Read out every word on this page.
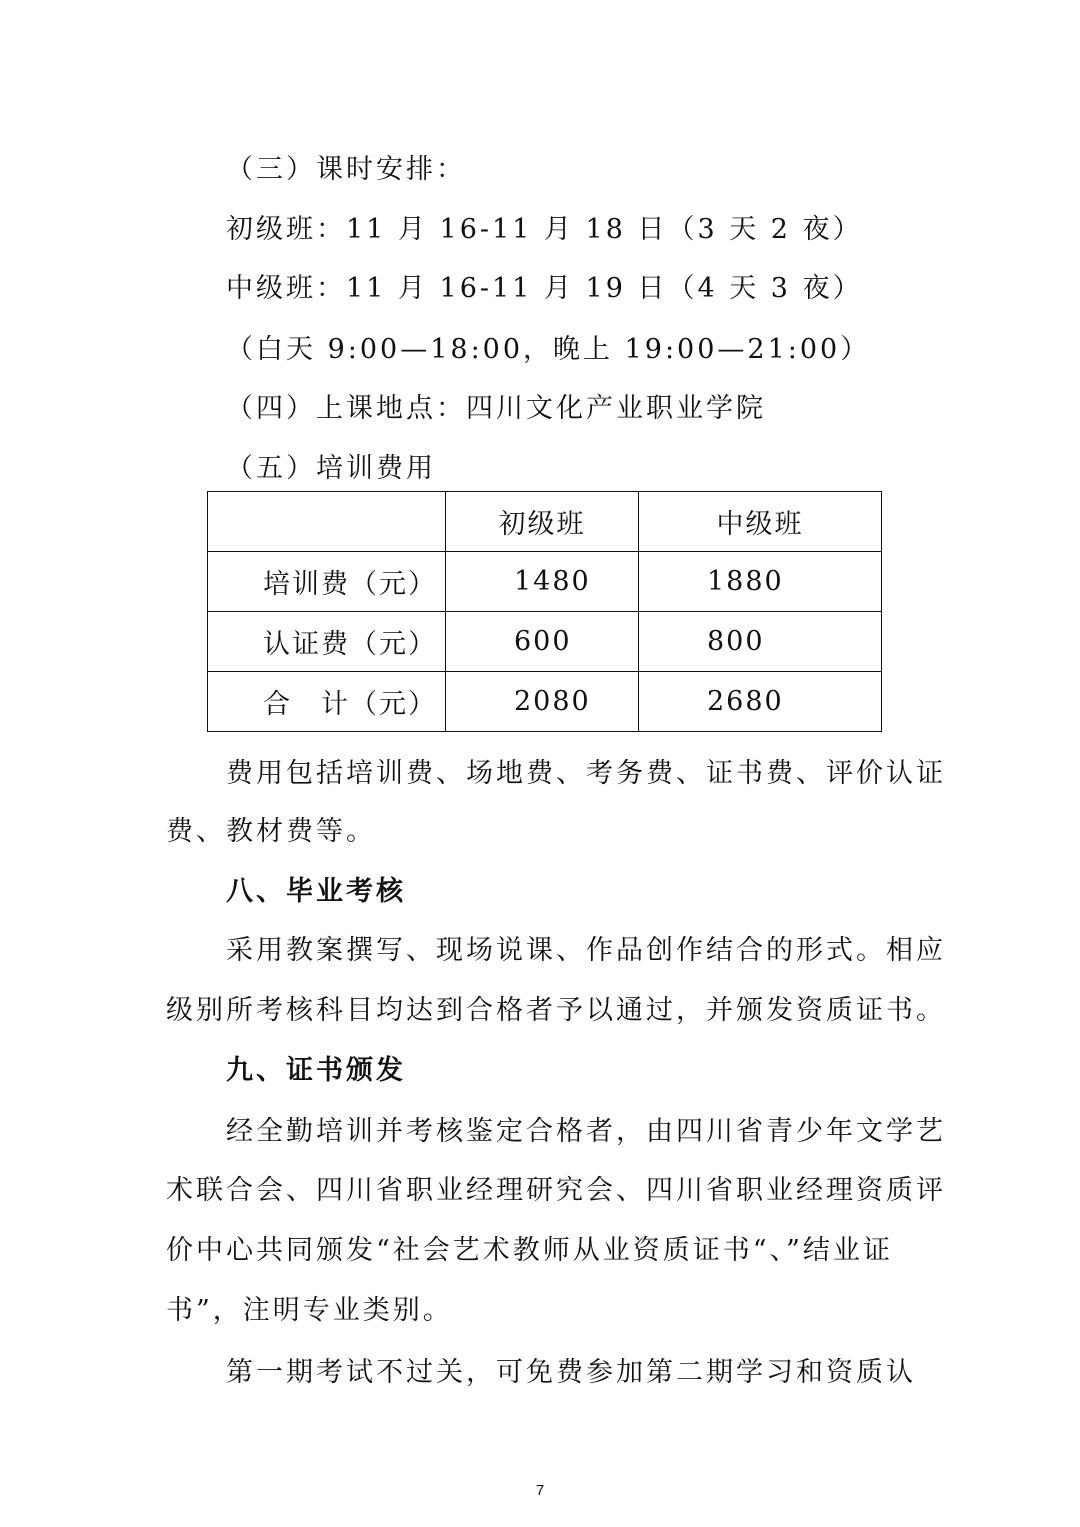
（三）课时安排：
初级班：11 月 16-11 月 18 日（3 天 2 夜）
中级班：11 月 16-11 月 19 日（4 天 3 夜）
（白天 9:00—18:00，晚上 19:00—21:00）
（四）上课地点：四川文化产业职业学院
（五）培训费用
	初级班	中级班
培训费（元）	1480	1880
认证费（元）	600	800
合　计（元）	2080	2680
费用包括培训费、场地费、考务费、证书费、评价认证
费、教材费等。
八、毕业考核
采用教案撰写、现场说课、作品创作结合的形式。相应
级别所考核科目均达到合格者予以通过，并颁发资质证书。
九、证书颁发
经全勤培训并考核鉴定合格者，由四川省青少年文学艺
术联合会、四川省职业经理研究会、四川省职业经理资质评
价中心共同颁发“社会艺术教师从业资质证书“、”结业证
书”，注明专业类别。
第一期考试不过关，可免费参加第二期学习和资质认
7
